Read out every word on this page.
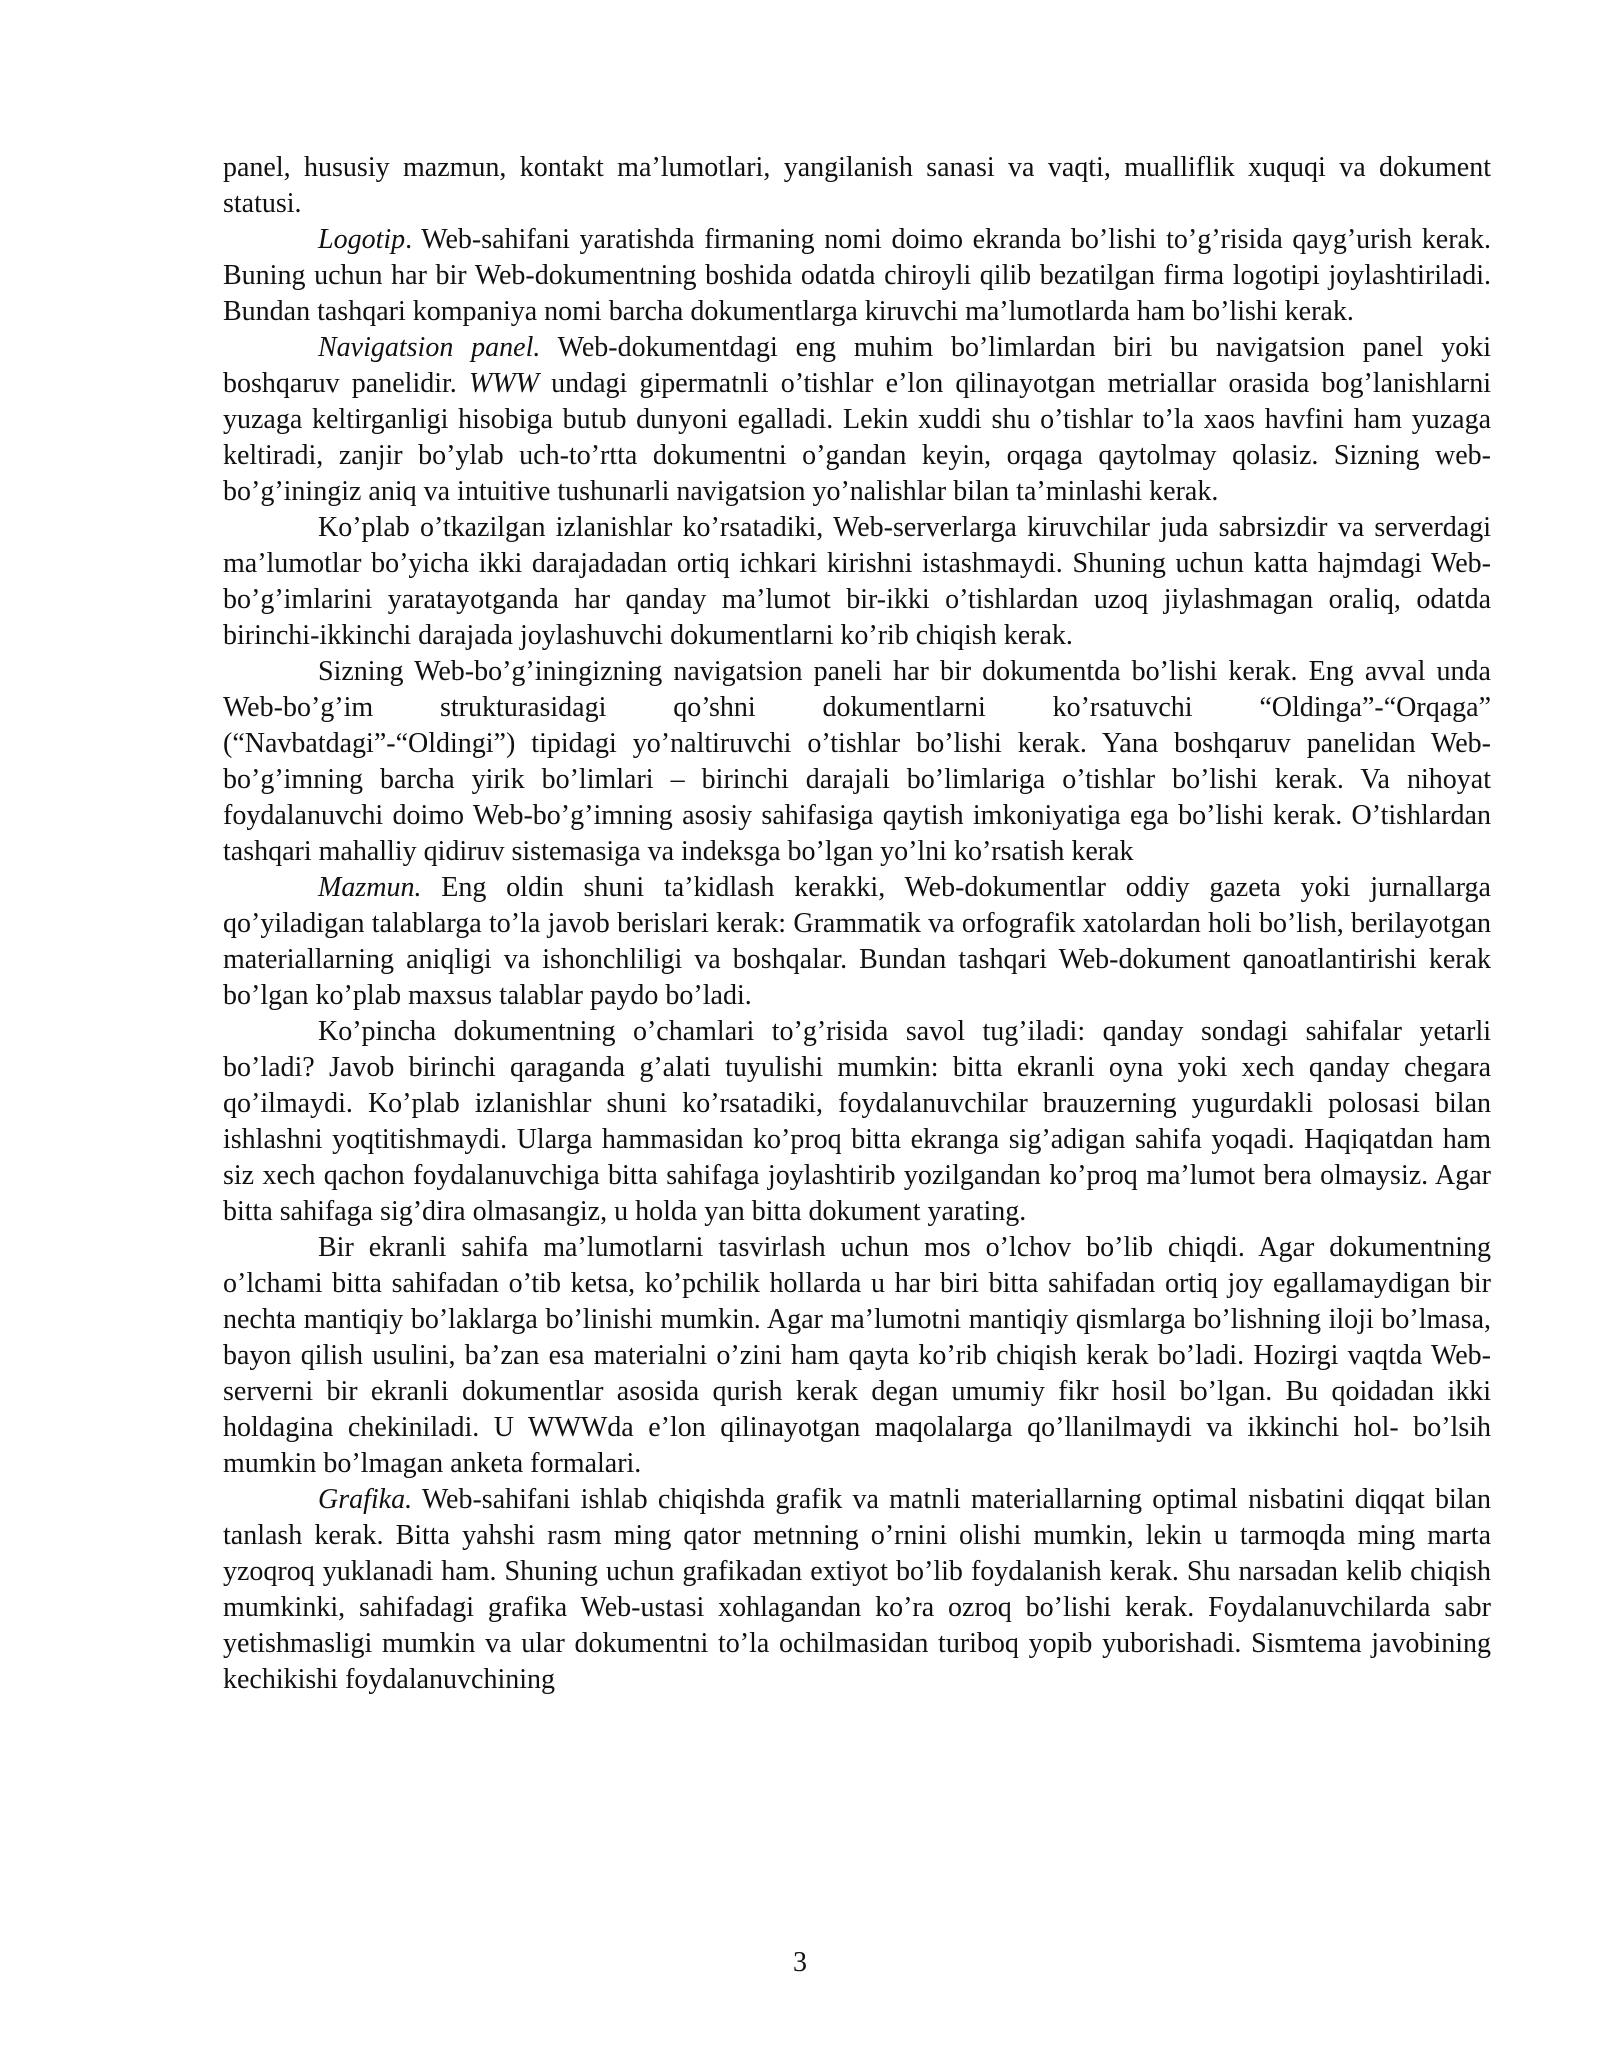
panel, hususiy mazmun, kontakt ma’lumotlari, yangilanish sanasi va vaqti, mualliflik xuquqi va dokument statusi.

Logotip. Web-sahifani yaratishda firmaning nomi doimo ekranda bo’lishi to’g’risida qayg’urish kerak. Buning uchun har bir Web-dokumentning boshida odatda chiroyli qilib bezatilgan firma logotipi joylashtiriladi. Bundan tashqari kompaniya nomi barcha dokumentlarga kiruvchi ma’lumotlarda ham bo’lishi kerak.

Navigatsion panel. Web-dokumentdagi eng muhim bo’limlardan biri bu navigatsion panel yoki boshqaruv panelidir. WWW undagi gipermatnli o’tishlar e’lon qilinayotgan metriallar orasida bog’lanishlarni yuzaga keltirganligi hisobiga butub dunyoni egalladi. Lekin xuddi shu o’tishlar to’la xaos havfini ham yuzaga keltiradi, zanjir bo’ylab uch-to’rtta dokumentni o’gandan keyin, orqaga qaytolmay qolasiz. Sizning web-bo’g’iningiz aniq va intuitive tushunarli navigatsion yo’nalishlar bilan ta’minlashi kerak.

Ko’plab o’tkazilgan izlanishlar ko’rsatadiki, Web-serverlarga kiruvchilar juda sabrsizdir va serverdagi ma’lumotlar bo’yicha ikki darajadadan ortiq ichkari kirishni istashmaydi. Shuning uchun katta hajmdagi Web-bo’g’imlarini yaratayotganda har qanday ma’lumot bir-ikki o’tishlardan uzoq jiylashmagan oraliq, odatda birinchi-ikkinchi darajada joylashuvchi dokumentlarni ko’rib chiqish kerak.

Sizning Web-bo’g’iningizning navigatsion paneli har bir dokumentda bo’lishi kerak. Eng avval unda Web-bo’g’im strukturasidagi qo’shni dokumentlarni ko’rsatuvchi “Oldinga”-“Orqaga” (“Navbatdagi”-“Oldingi”) tipidagi yo’naltiruvchi o’tishlar bo’lishi kerak. Yana boshqaruv panelidan Web-bo’g’imning barcha yirik bo’limlari – birinchi darajali bo’limlariga o’tishlar bo’lishi kerak. Va nihoyat foydalanuvchi doimo Web-bo’g’imning asosiy sahifasiga qaytish imkoniyatiga ega bo’lishi kerak. O’tishlardan tashqari mahalliy qidiruv sistemasiga va indeksga bo’lgan yo’lni ko’rsatish kerak

Mazmun. Eng oldin shuni ta’kidlash kerakki, Web-dokumentlar oddiy gazeta yoki jurnallarga qo’yiladigan talablarga to’la javob berislari kerak: Grammatik va orfografik xatolardan holi bo’lish, berilayotgan materiallarning aniqligi va ishonchliligi va boshqalar. Bundan tashqari Web-dokument qanoatlantirishi kerak bo’lgan ko’plab maxsus talablar paydo bo’ladi.

Ko’pincha dokumentning o’chamlari to’g’risida savol tug’iladi: qanday sondagi sahifalar yetarli bo’ladi? Javob birinchi qaraganda g’alati tuyulishi mumkin: bitta ekranli oyna yoki xech qanday chegara qo’ilmaydi. Ko’plab izlanishlar shuni ko’rsatadiki, foydalanuvchilar brauzerning yugurdakli polosasi bilan ishlashni yoqtitishmaydi. Ularga hammasidan ko’proq bitta ekranga sig’adigan sahifa yoqadi. Haqiqatdan ham siz xech qachon foydalanuvchiga bitta sahifaga joylashtirib yozilgandan ko’proq ma’lumot bera olmaysiz. Agar bitta sahifaga sig’dira olmasangiz, u holda yan bitta dokument yarating.

Bir ekranli sahifa ma’lumotlarni tasvirlash uchun mos o’lchov bo’lib chiqdi. Agar dokumentning o’lchami bitta sahifadan o’tib ketsa, ko’pchilik hollarda u har biri bitta sahifadan ortiq joy egallamaydigan bir nechta mantiqiy bo’laklarga bo’linishi mumkin. Agar ma’lumotni mantiqiy qismlarga bo’lishning iloji bo’lmasa, bayon qilish usulini, ba’zan esa materialni o’zini ham qayta ko’rib chiqish kerak bo’ladi. Hozirgi vaqtda Web-serverni bir ekranli dokumentlar asosida qurish kerak degan umumiy fikr hosil bo’lgan. Bu qoidadan ikki holdagina chekiniladi. U WWWda e’lon qilinayotgan maqolalarga qo’llanilmaydi va ikkinchi hol- bo’lsih mumkin bo’lmagan anketa formalari.

Grafika. Web-sahifani ishlab chiqishda grafik va matnli materiallarning optimal nisbatini diqqat bilan tanlash kerak. Bitta yahshi rasm ming qator metnning o’rnini olishi mumkin, lekin u tarmoqda ming marta yzoqroq yuklanadi ham. Shuning uchun grafikadan extiyot bo’lib foydalanish kerak. Shu narsadan kelib chiqish mumkinki, sahifadagi grafika Web-ustasi xohlagandan ko’ra ozroq bo’lishi kerak. Foydalanuvchilarda sabr yetishmasligi mumkin va ular dokumentni to’la ochilmasidan turiboq yopib yuborishadi. Sismtema javobining kechikishi foydalanuvchining

3
